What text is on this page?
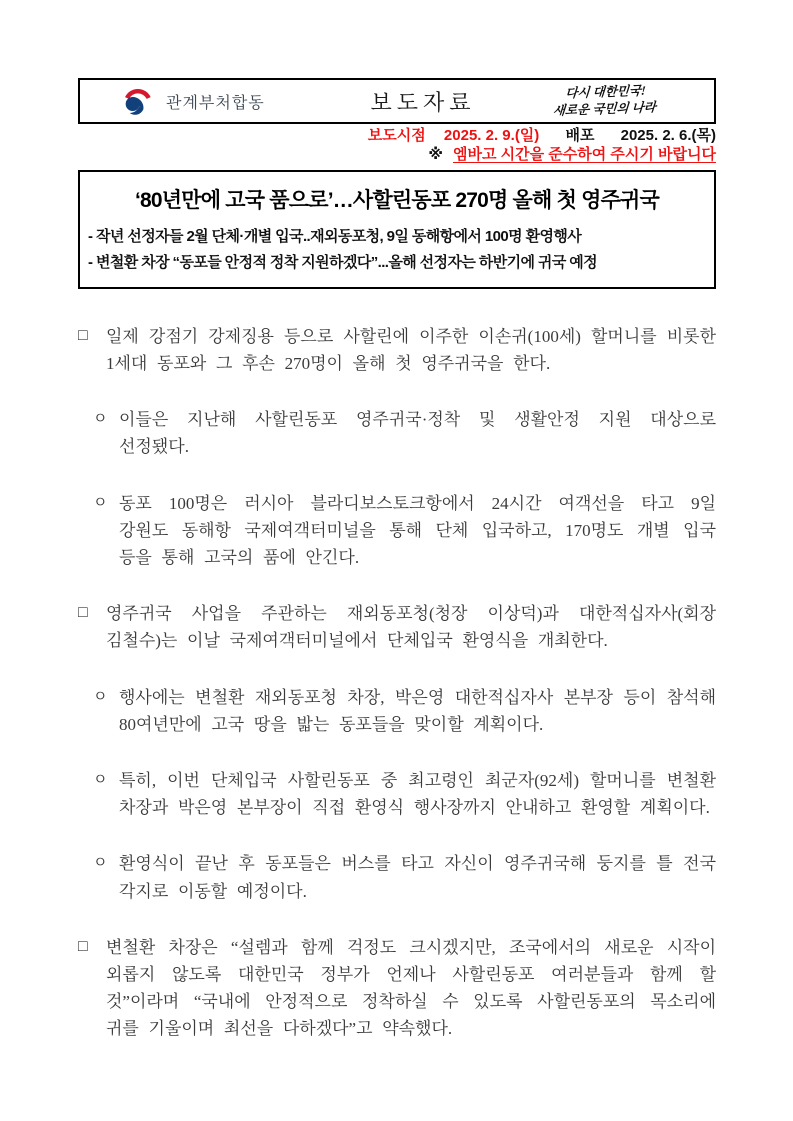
관계부처합동	보도자료	다시 대한민국!
새로운 국민의 나라
보도시점 2025. 2. 9.(일) 배포 2025. 2. 6.(목)
※ 엠바고 시간을 준수하여 주시기 바랍니다
‘80년만에 고국 품으로’…사할린동포 270명 올해 첫 영주귀국
- 작년 선정자들 2월 단체·개별 입국..재외동포청, 9일 동해항에서 100명 환영행사
- 변철환 차장 “동포들 안정적 정착 지원하겠다”...올해 선정자는 하반기에 귀국 예정
□ 일제 강점기 강제징용 등으로 사할린에 이주한 이손귀(100세) 할머니를 비롯한 1세대 동포와 그 후손 270명이 올해 첫 영주귀국을 한다.
ㅇ 이들은 지난해 사할린동포 영주귀국·정착 및 생활안정 지원 대상으로 선정됐다.
ㅇ 동포 100명은 러시아 블라디보스토크항에서 24시간 여객선을 타고 9일 강원도 동해항 국제여객터미널을 통해 단체 입국하고, 170명도 개별 입국 등을 통해 고국의 품에 안긴다.
□ 영주귀국 사업을 주관하는 재외동포청(청장 이상덕)과 대한적십자사(회장 김철수)는 이날 국제여객터미널에서 단체입국 환영식을 개최한다.
ㅇ 행사에는 변철환 재외동포청 차장, 박은영 대한적십자사 본부장 등이 참석해 80여년만에 고국 땅을 밟는 동포들을 맞이할 계획이다.
ㅇ 특히, 이번 단체입국 사할린동포 중 최고령인 최군자(92세) 할머니를 변철환 차장과 박은영 본부장이 직접 환영식 행사장까지 안내하고 환영할 계획이다.
ㅇ 환영식이 끝난 후 동포들은 버스를 타고 자신이 영주귀국해 둥지를 틀 전국 각지로 이동할 예정이다.
□ 변철환 차장은 “설렘과 함께 걱정도 크시겠지만, 조국에서의 새로운 시작이 외롭지 않도록 대한민국 정부가 언제나 사할린동포 여러분들과 함께 할 것”이라며 “국내에 안정적으로 정착하실 수 있도록 사할린동포의 목소리에 귀를 기울이며 최선을 다하겠다”고 약속했다.
